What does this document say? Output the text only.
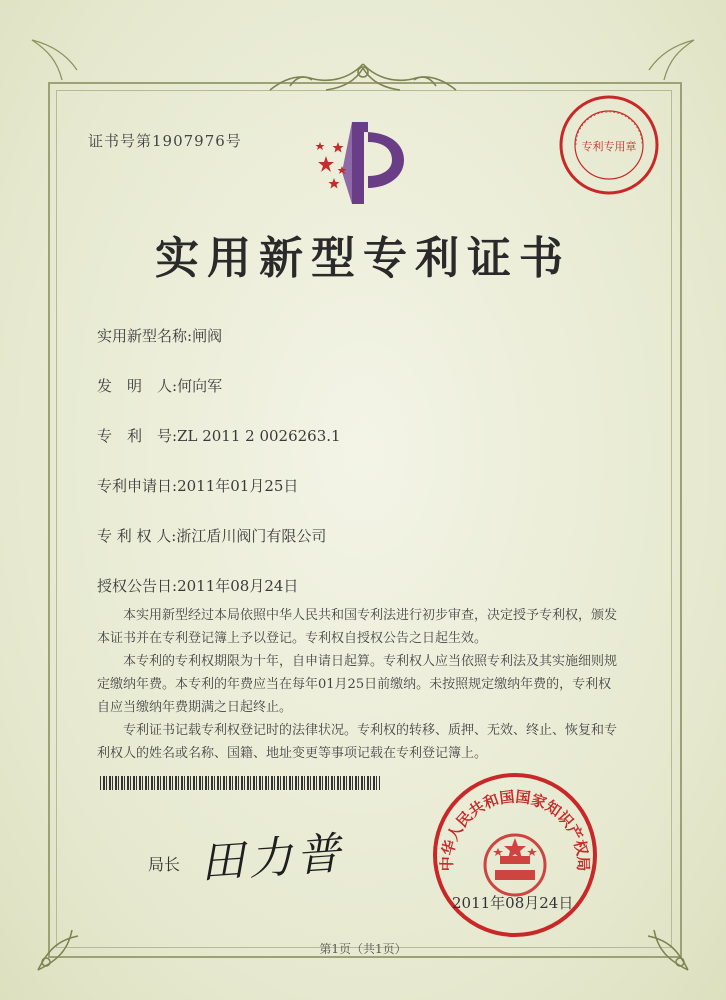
证书号第1907976号	专利专用章
实用新型专利证书
实用新型名称:闸阀
发　明　人:何向军
专　利　号:ZL 2011 2 0026263.1
专利申请日:2011年01月25日
专 利 权 人:浙江盾川阀门有限公司
授权公告日:2011年08月24日

本实用新型经过本局依照中华人民共和国专利法进行初步审查，决定授予专利权，颁发本证书并在专利登记簿上予以登记。专利权自授权公告之日起生效。

本专利的专利权期限为十年，自申请日起算。专利权人应当依照专利法及其实施细则规定缴纳年费。本专利的年费应当在每年01月25日前缴纳。未按照规定缴纳年费的，专利权自应当缴纳年费期满之日起终止。

专利证书记载专利权登记时的法律状况。专利权的转移、质押、无效、终止、恢复和专利权人的姓名或名称、国籍、地址变更等事项记载在专利登记簿上。

局长 田力普	中华人民共和国国家知识产权局
2011年08月24日
第1页（共1页）
